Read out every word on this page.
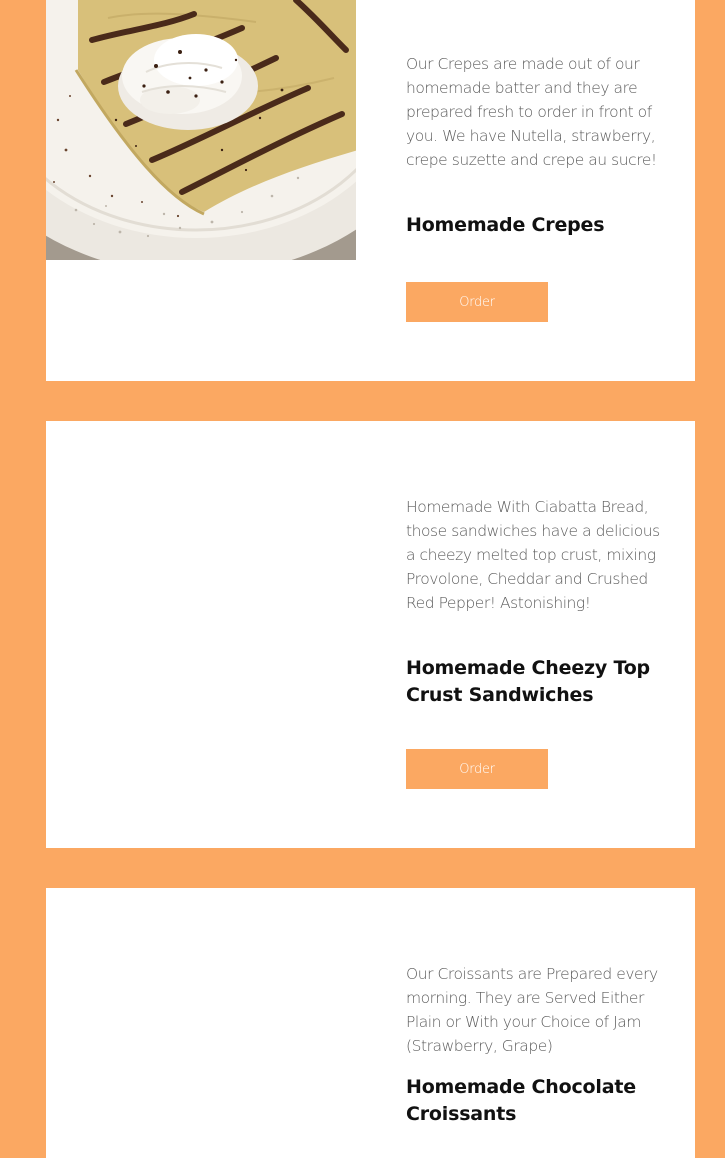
Our Crepes are made out of our homemade batter and they are prepared fresh to order in front of you. We have Nutella, strawberry, crepe suzette and crepe au sucre!

Homemade Crepes
Order

Homemade With Ciabatta Bread, those sandwiches have a delicious a cheezy melted top crust, mixing Provolone, Cheddar and Crushed Red Pepper! Astonishing!

Homemade Cheezy Top Crust Sandwiches
Order

Our Croissants are Prepared every morning. They are Served Either Plain or With your Choice of Jam (Strawberry, Grape)

Homemade Chocolate Croissants
